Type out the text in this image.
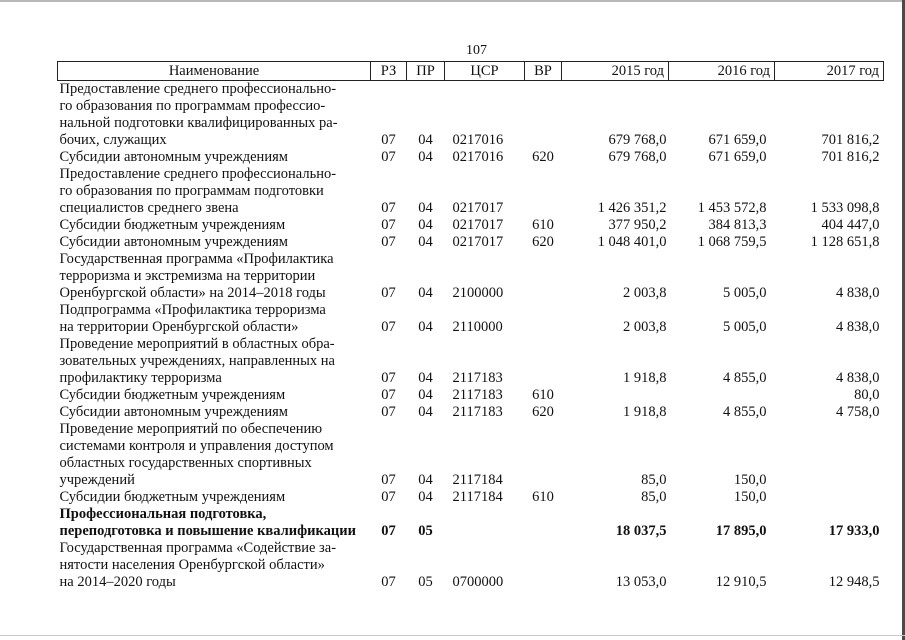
107
Наименование	РЗ	ПР	ЦСР	ВР	2015 год	2016 год	2017 год
Предоставление среднего профессионально-
го образования по программам профессио-
нальной подготовки квалифицированных ра-
бочих, служащих	07	04	0217016		679 768,0	671 659,0	701 816,2
Субсидии автономным учреждениям	07	04	0217016	620	679 768,0	671 659,0	701 816,2
Предоставление среднего профессионально-
го образования по программам подготовки
специалистов среднего звена	07	04	0217017		1 426 351,2	1 453 572,8	1 533 098,8
Субсидии бюджетным учреждениям	07	04	0217017	610	377 950,2	384 813,3	404 447,0
Субсидии автономным учреждениям	07	04	0217017	620	1 048 401,0	1 068 759,5	1 128 651,8
Государственная программа «Профилактика
терроризма и экстремизма на территории
Оренбургской области» на 2014–2018 годы	07	04	2100000		2 003,8	5 005,0	4 838,0
Подпрограмма «Профилактика терроризма
на территории Оренбургской области»	07	04	2110000		2 003,8	5 005,0	4 838,0
Проведение мероприятий в областных обра-
зовательных учреждениях, направленных на
профилактику терроризма	07	04	2117183		1 918,8	4 855,0	4 838,0
Субсидии бюджетным учреждениям	07	04	2117183	610			80,0
Субсидии автономным учреждениям	07	04	2117183	620	1 918,8	4 855,0	4 758,0
Проведение мероприятий по обеспечению
системами контроля и управления доступом
областных государственных спортивных
учреждений	07	04	2117184		85,0	150,0	
Субсидии бюджетным учреждениям	07	04	2117184	610	85,0	150,0	
Профессиональная подготовка, переподготовка и повышение квалификации	07	05			18 037,5	17 895,0	17 933,0
Государственная программа «Содействие за-
нятости населения Оренбургской области»
на 2014–2020 годы	07	05	0700000		13 053,0	12 910,5	12 948,5
